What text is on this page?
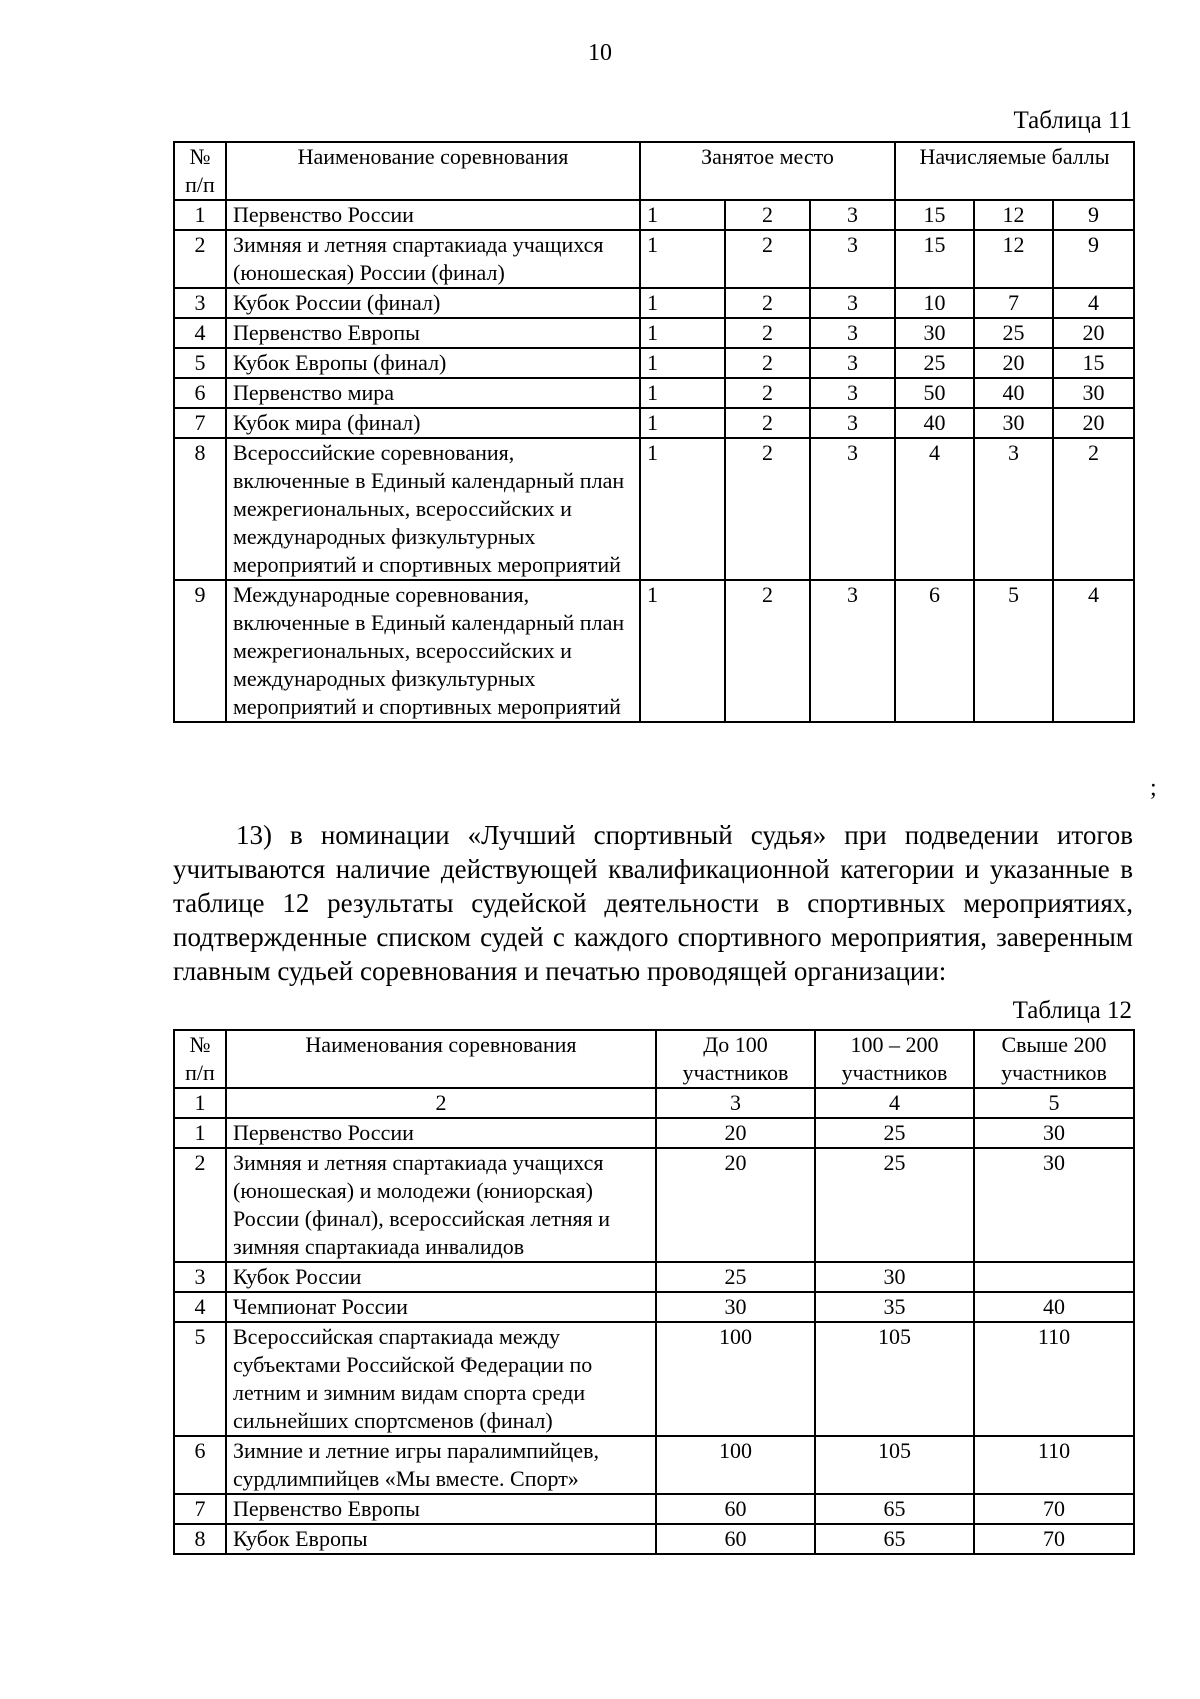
10
Таблица 11
№ п/п	Наименование соревнования	Занятое место			Начисляемые баллы		
1	Первенство России	1	2	3	15	12	9
2	Зимняя и летняя спартакиада учащихся (юношеская) России (финал)	1	2	3	15	12	9
3	Кубок России (финал)	1	2	3	10	7	4
4	Первенство Европы	1	2	3	30	25	20
5	Кубок Европы (финал)	1	2	3	25	20	15
6	Первенство мира	1	2	3	50	40	30
7	Кубок мира (финал)	1	2	3	40	30	20
8	Всероссийские соревнования, включенные в Единый календарный план межрегиональных, всероссийских и международных физкультурных мероприятий и спортивных мероприятий	1	2	3	4	3	2
9	Международные соревнования, включенные в Единый календарный план межрегиональных, всероссийских и международных физкультурных мероприятий и спортивных мероприятий	1	2	3	6	5	4
;
13) в номинации «Лучший спортивный судья» при подведении итогов учитываются наличие действующей квалификационной категории и указанные в таблице 12 результаты судейской деятельности в спортивных мероприятиях, подтвержденные списком судей с каждого спортивного мероприятия, заверенным главным судьей соревнования и печатью проводящей организации:
Таблица 12
№ п/п	Наименования соревнования	До 100 участников	100 – 200 участников	Свыше 200 участников
1	2	3	4	5
1	Первенство России	20	25	30
2	Зимняя и летняя спартакиада учащихся (юношеская) и молодежи (юниорская) России (финал), всероссийская летняя и зимняя спартакиада инвалидов	20	25	30
3	Кубок России	25	30	
4	Чемпионат России	30	35	40
5	Всероссийская спартакиада между субъектами Российской Федерации по летним и зимним видам спорта среди сильнейших спортсменов (финал)	100	105	110
6	Зимние и летние игры паралимпийцев, сурдлимпийцев «Мы вместе. Спорт»	100	105	110
7	Первенство Европы	60	65	70
8	Кубок Европы	60	65	70
